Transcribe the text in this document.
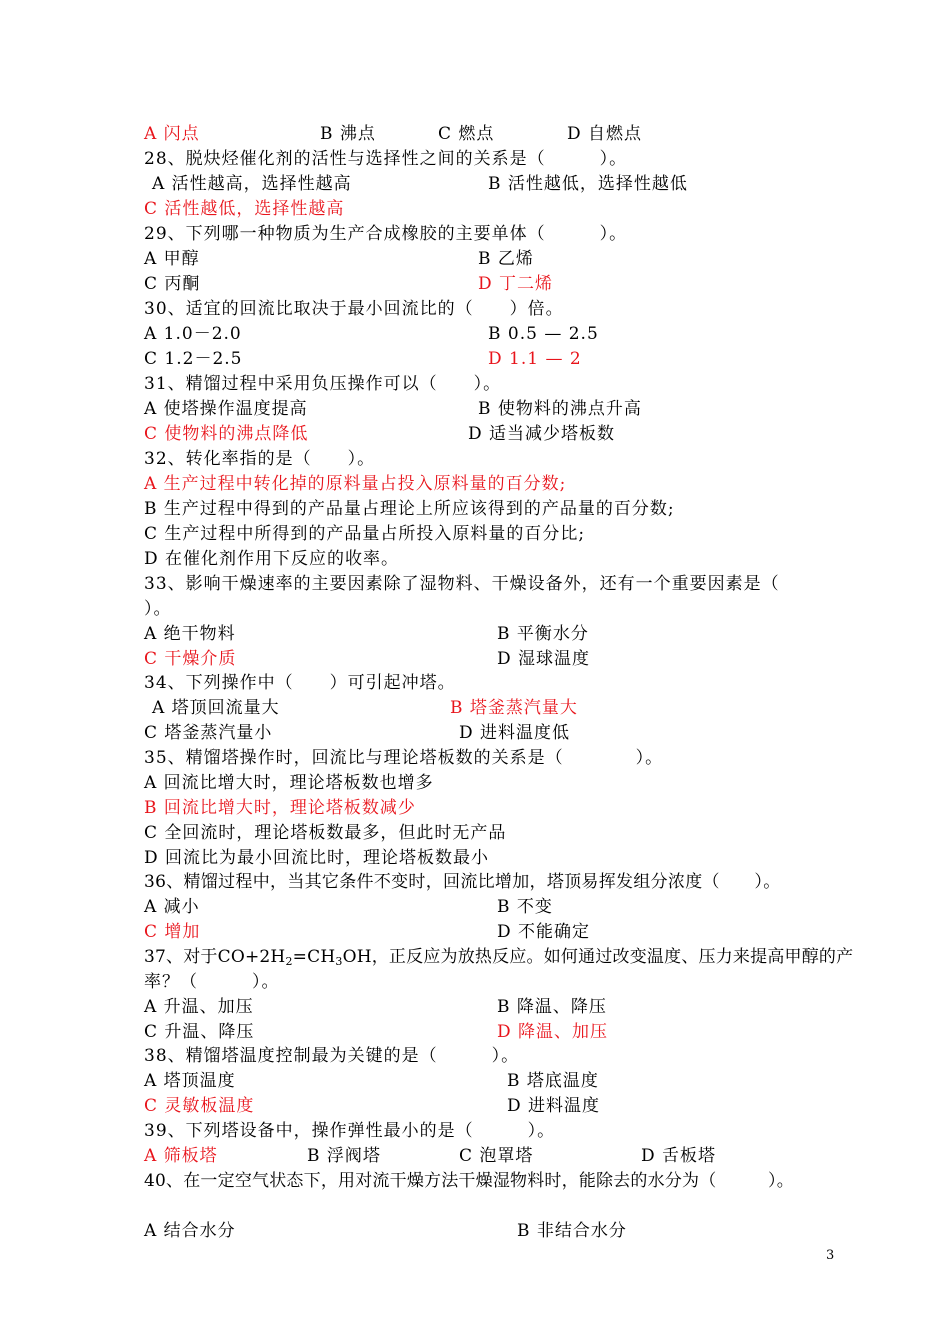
A 闪点	B 沸点	C 燃点	D 自燃点
28、脱炔烃催化剂的活性与选择性之间的关系是（　　　）。
A 活性越高，选择性越高	B 活性越低，选择性越低
C 活性越低，选择性越高
29、下列哪一种物质为生产合成橡胶的主要单体（　　　）。
A 甲醇	B 乙烯
C 丙酮	D 丁二烯
30、适宜的回流比取决于最小回流比的（　　）倍。
A 1.0－2.0	B 0.5 — 2.5
C 1.2－2.5	D 1.1 — 2
31、精馏过程中采用负压操作可以（　　）。
A 使塔操作温度提高	B 使物料的沸点升高
C 使物料的沸点降低	D 适当减少塔板数
32、转化率指的是（　　）。
A 生产过程中转化掉的原料量占投入原料量的百分数;
B 生产过程中得到的产品量占理论上所应该得到的产品量的百分数;
C 生产过程中所得到的产品量占所投入原料量的百分比;
D 在催化剂作用下反应的收率。
33、影响干燥速率的主要因素除了湿物料、干燥设备外，还有一个重要因素是（
）。
A 绝干物料	B 平衡水分
C 干燥介质	D 湿球温度
34、下列操作中（　　）可引起冲塔。
A 塔顶回流量大	B 塔釜蒸汽量大
C 塔釜蒸汽量小	D 进料温度低
35、精馏塔操作时，回流比与理论塔板数的关系是（　　　　）。
A 回流比增大时，理论塔板数也增多
B 回流比增大时，理论塔板数减少
C 全回流时，理论塔板数最多，但此时无产品
D 回流比为最小回流比时，理论塔板数最小
36、精馏过程中，当其它条件不变时，回流比增加，塔顶易挥发组分浓度（　　）。
A 减小	B 不变
C 增加	D 不能确定
37、对于$CO+2H_2=CH_3OH$，正反应为放热反应。如何通过改变温度、压力来提高甲醇的产
率？（　　　）。
A 升温、加压	B 降温、降压
C 升温、降压	D 降温、加压
38、精馏塔温度控制最为关键的是（　　　）。
A 塔顶温度	B 塔底温度
C 灵敏板温度	D 进料温度
39、下列塔设备中，操作弹性最小的是（　　　）。
A 筛板塔	B 浮阀塔	C 泡罩塔	D 舌板塔
40、在一定空气状态下，用对流干燥方法干燥湿物料时，能除去的水分为（　　　）。
A 结合水分	B 非结合水分
3
